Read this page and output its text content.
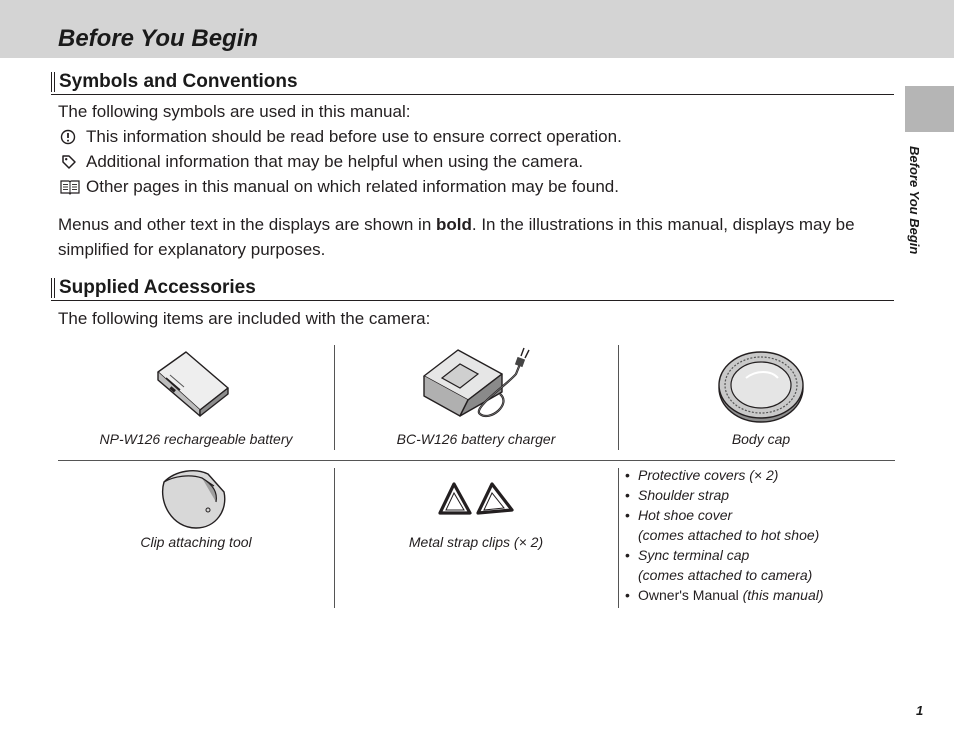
Before You Begin
Before You Begin
Symbols and Conventions

The following symbols are used in this manual:

This information should be read before use to ensure correct operation.
Additional information that may be helpful when using the camera.
Other pages in this manual on which related information may be found.

Menus and other text in the displays are shown in bold. In the illustrations in this manual, displays may be simplified for explanatory purposes.

Supplied Accessories

The following items are included with the camera:

NP-W126 rechargeable battery	BC-W126 battery charger	Body cap
Clip attaching tool	Metal strap clips (× 2)
• Protective covers (× 2)
• Shoulder strap
• Hot shoe cover
(comes attached to hot shoe)
• Sync terminal cap
(comes attached to camera)
• Owner's Manual (this manual)
1
